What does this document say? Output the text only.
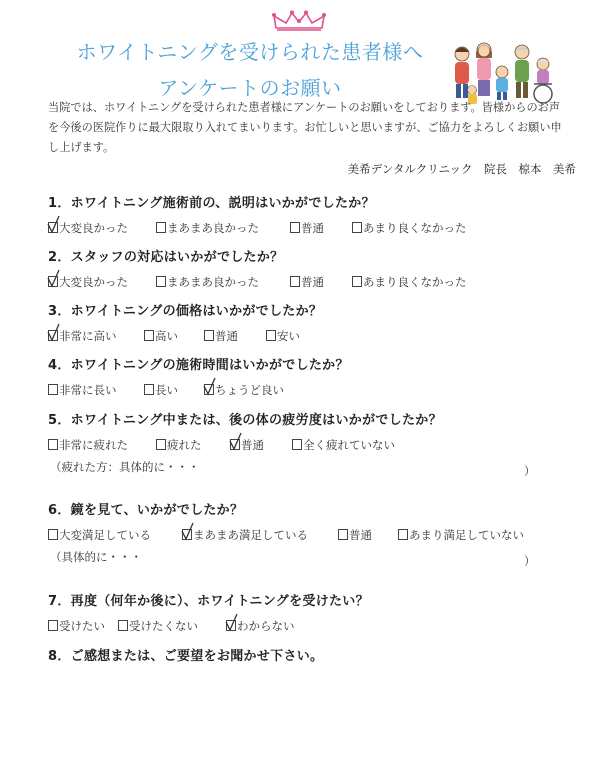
ホワイトニングを受けられた患者様へ
アンケートのお願い
当院では、ホワイトニングを受けられた患者様にアンケートのお願いをしております。皆様からのお声を今後の医院作りに最大限取り入れてまいります。お忙しいと思いますが、ご協力をよろしくお願い申し上げます。
美希デンタルクリニック　院長　椋本　美希
1．ホワイトニング施術前の、説明はいかがでしたか？
大変良かった	まあまあ良かった	普通	あまり良くなかった
2．スタッフの対応はいかがでしたか？
大変良かった	まあまあ良かった	普通	あまり良くなかった
3．ホワイトニングの価格はいかがでしたか？
非常に高い	高い	普通	安い
4．ホワイトニングの施術時間はいかがでしたか？
非常に長い	長い	ちょうど良い
5．ホワイトニング中または、後の体の疲労度はいかがでしたか？
非常に疲れた	疲れた	普通	全く疲れていない
（疲れた方：具体的に・・・	）
6．鏡を見て、いかがでしたか？
大変満足している	まあまあ満足している	普通	あまり満足していない
（具体的に・・・	）
7．再度（何年か後に）、ホワイトニングを受けたい？
受けたい	受けたくない	わからない
8．ご感想または、ご要望をお聞かせ下さい。
